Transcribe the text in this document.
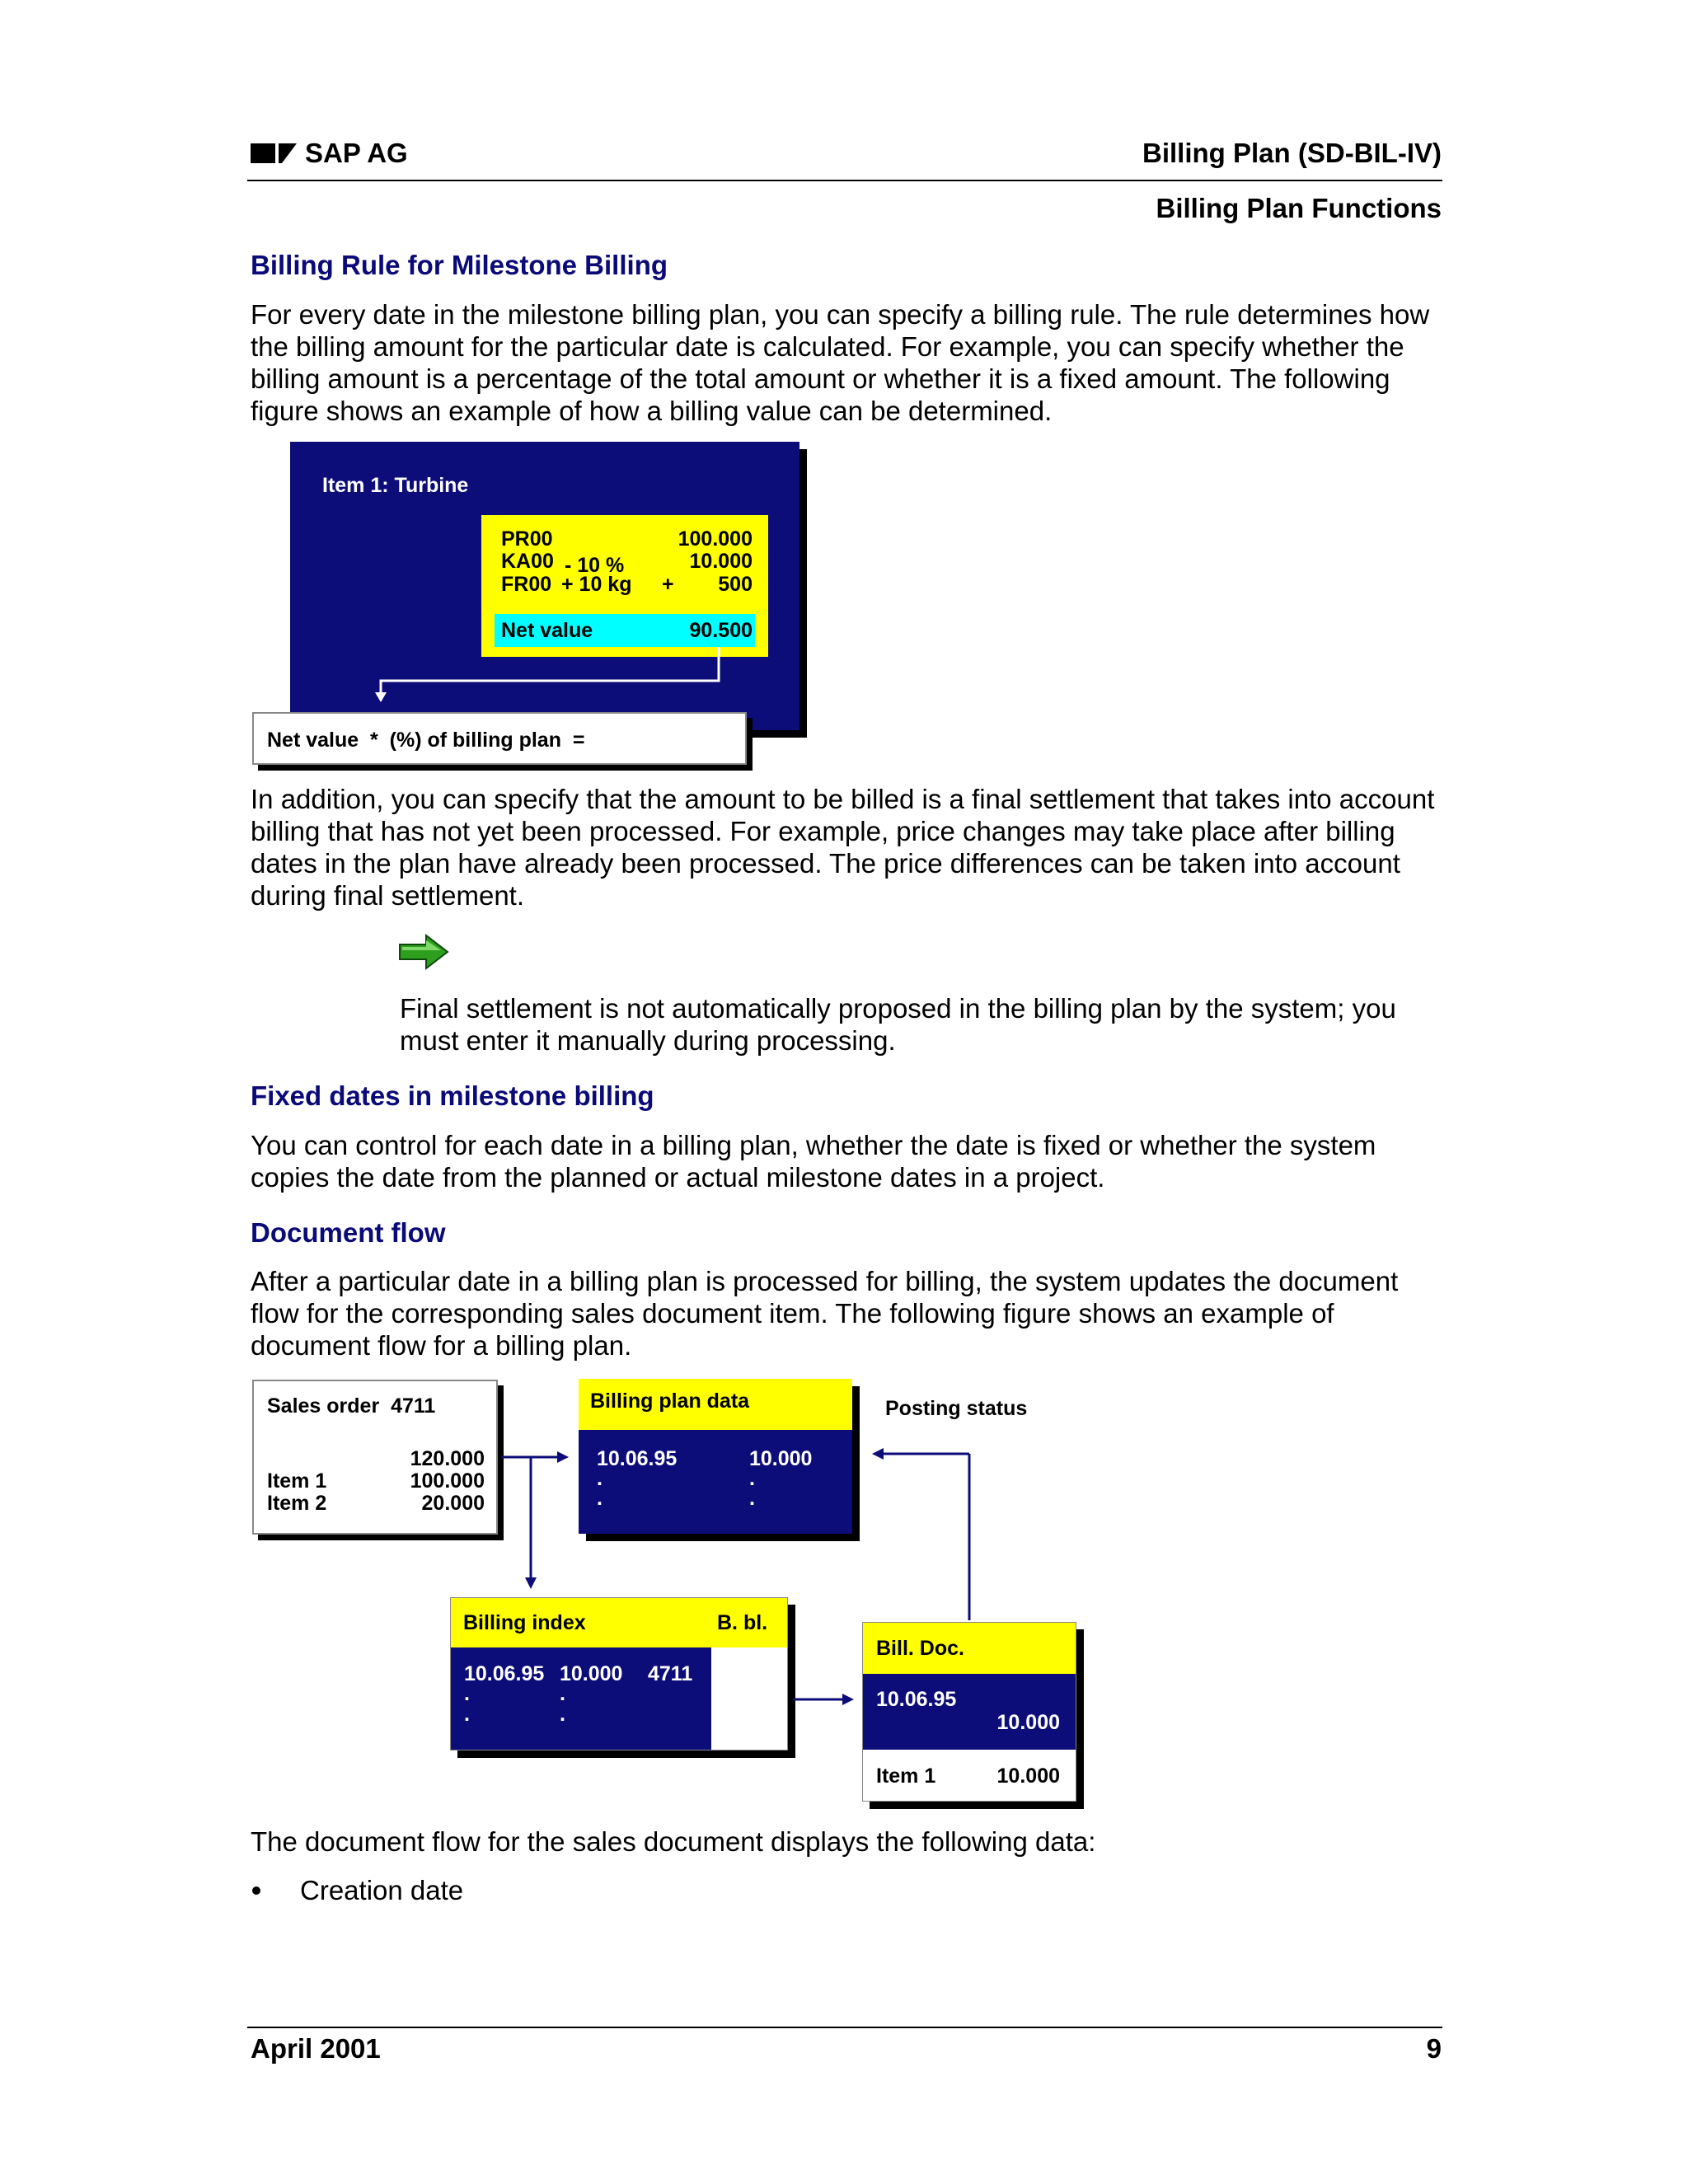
SAP AG	Billing Plan (SD-BIL-IV)
Billing Plan Functions
Billing Rule for Milestone Billing
For every date in the milestone billing plan, you can specify a billing rule. The rule determines how the billing amount for the particular date is calculated. For example, you can specify whether the billing amount is a percentage of the total amount or whether it is a fixed amount. The following figure shows an example of how a billing value can be determined.
Item 1: Turbine
PR00	100.000
KA00 - 10 %	10.000
FR00 + 10 kg + 500
Net value	90.500
Net value  *  (%) of billing plan  =
In addition, you can specify that the amount to be billed is a final settlement that takes into account billing that has not yet been processed. For example, price changes may take place after billing dates in the plan have already been processed. The price differences can be taken into account during final settlement.
Final settlement is not automatically proposed in the billing plan by the system; you must enter it manually during processing.
Fixed dates in milestone billing
You can control for each date in a billing plan, whether the date is fixed or whether the system copies the date from the planned or actual milestone dates in a project.
Document flow
After a particular date in a billing plan is processed for billing, the system updates the document flow for the corresponding sales document item. The following figure shows an example of document flow for a billing plan.
Sales order  4711
120.000
Item 1	100.000
Item 2	20.000
Billing plan data
10.06.95	10.000
.
.
.
.
Posting status
Billing index	B. bl.
10.06.95 10.000 4711
.
.
.
.
Bill. Doc.
10.06.95
10.000
Item 1	10.000
The document flow for the sales document displays the following data:
Creation date
April 2001	9
